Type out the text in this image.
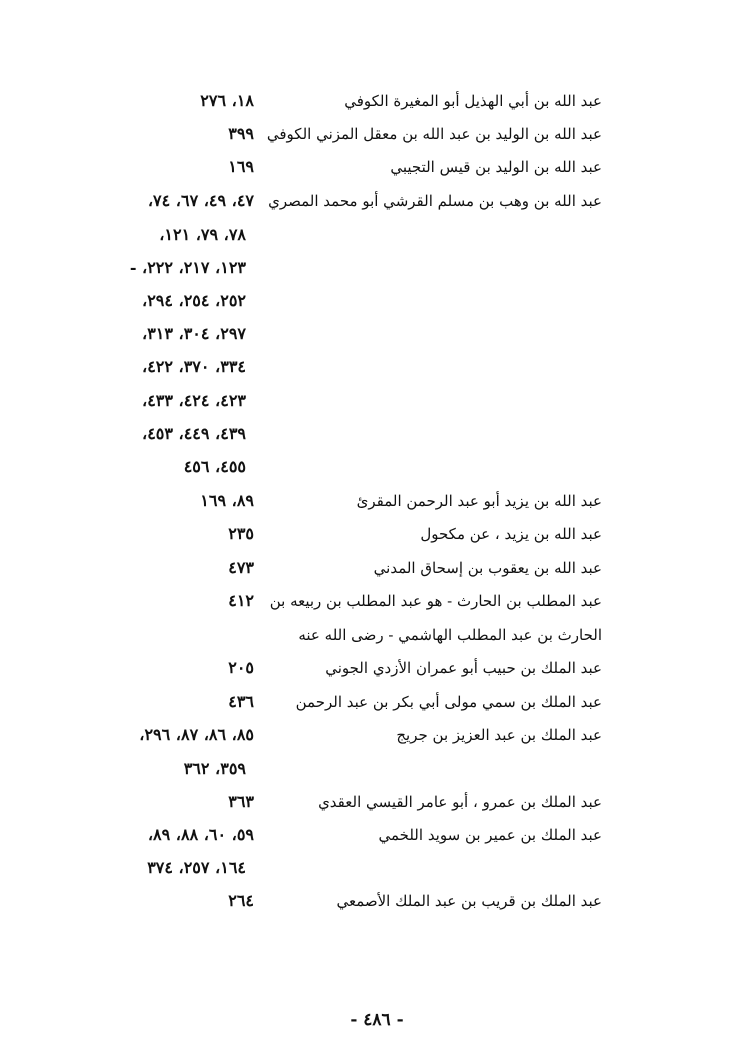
عبد الله بن أبي الهذيل أبو المغيرة الكوفي
١٨، ٢٧٦
عبد الله بن الوليد بن عبد الله بن معقل المزني الكوفي
٣٩٩
عبد الله بن الوليد بن قيس التجيبي
١٦٩
عبد الله بن وهب بن مسلم القرشي أبو محمد المصري
٤٧، ٤٩، ٦٧، ٧٤،
٧٨، ٧٩، ١٢١،
١٢٣، ٢١٧، ٢٢٢، -
٢٥٢، ٢٥٤، ٢٩٤،
٢٩٧، ٣٠٤، ٣١٣،
٣٣٤، ٣٧٠، ٤٢٢،
٤٢٣، ٤٢٤، ٤٣٣،
٤٣٩، ٤٤٩، ٤٥٣،
٤٥٥، ٤٥٦
عبد الله بن يزيد أبو عبد الرحمن المقرئ
٨٩، ١٦٩
عبد الله بن يزيد ، عن مكحول
٢٣٥
عبد الله بن يعقوب بن إسحاق المدني
٤٧٣
عبد المطلب بن الحارث - هو عبد المطلب بن ربيعه بن
٤١٢
الحارث بن عبد المطلب الهاشمي - رضى الله عنه
عبد الملك بن حبيب أبو عمران الأزدي الجوني
٢٠٥
عبد الملك بن سمي مولى أبي بكر بن عبد الرحمن
٤٣٦
عبد الملك بن عبد العزيز بن جريج
٨٥، ٨٦، ٨٧، ٢٩٦،
٣٥٩، ٣٦٢
عبد الملك بن عمرو ، أبو عامر القيسي العقدي
٣٦٣
عبد الملك بن عمير بن سويد اللخمي
٥٩، ٦٠، ٨٨، ٨٩،
١٦٤، ٢٥٧، ٣٧٤
عبد الملك بن قريب بن عبد الملك الأصمعي
٢٦٤
- ٤٨٦ -
